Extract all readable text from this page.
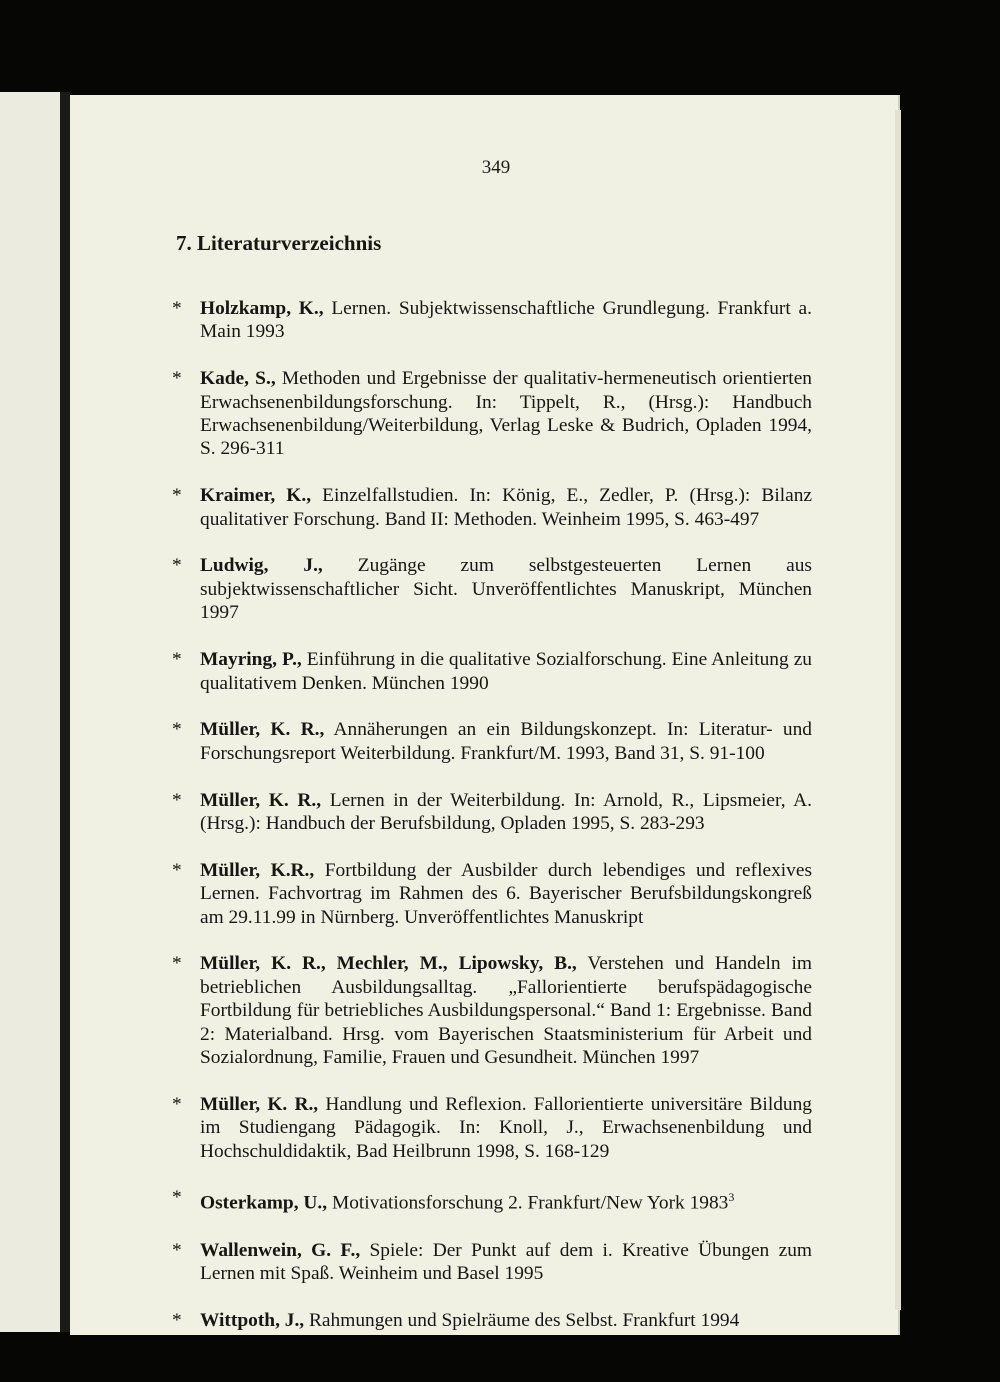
349
7. Literaturverzeichnis
* Holzkamp, K., Lernen. Subjektwissenschaftliche Grundlegung. Frankfurt a. Main 1993
* Kade, S., Methoden und Ergebnisse der qualitativ-hermeneutisch orientierten Erwachsenenbildungsforschung. In: Tippelt, R., (Hrsg.): Handbuch Erwachsenenbildung/Weiterbildung, Verlag Leske & Budrich, Opladen 1994, S. 296-311
* Kraimer, K., Einzelfallstudien. In: König, E., Zedler, P. (Hrsg.): Bilanz qualitativer Forschung. Band II: Methoden. Weinheim 1995, S. 463-497
* Ludwig, J., Zugänge zum selbstgesteuerten Lernen aus subjektwissenschaftlicher Sicht. Unveröffentlichtes Manuskript, München 1997
* Mayring, P., Einführung in die qualitative Sozialforschung. Eine Anleitung zu qualitativem Denken. München 1990
* Müller, K. R., Annäherungen an ein Bildungskonzept. In: Literatur- und Forschungsreport Weiterbildung. Frankfurt/M. 1993, Band 31, S. 91-100
* Müller, K. R., Lernen in der Weiterbildung. In: Arnold, R., Lipsmeier, A. (Hrsg.): Handbuch der Berufsbildung, Opladen 1995, S. 283-293
* Müller, K.R., Fortbildung der Ausbilder durch lebendiges und reflexives Lernen. Fachvortrag im Rahmen des 6. Bayerischer Berufsbildungskongreß am 29.11.99 in Nürnberg. Unveröffentlichtes Manuskript
* Müller, K. R., Mechler, M., Lipowsky, B., Verstehen und Handeln im betrieblichen Ausbildungsalltag. „Fallorientierte berufspädagogische Fortbildung für betriebliches Ausbildungspersonal.“ Band 1: Ergebnisse. Band 2: Materialband. Hrsg. vom Bayerischen Staatsministerium für Arbeit und Sozialordnung, Familie, Frauen und Gesundheit. München 1997
* Müller, K. R., Handlung und Reflexion. Fallorientierte universitäre Bildung im Studiengang Pädagogik. In: Knoll, J., Erwachsenenbildung und Hochschuldidaktik, Bad Heilbrunn 1998, S. 168-129
* Osterkamp, U., Motivationsforschung 2. Frankfurt/New York 1983$^3$
* Wallenwein, G. F., Spiele: Der Punkt auf dem i. Kreative Übungen zum Lernen mit Spaß. Weinheim und Basel 1995
* Wittpoth, J., Rahmungen und Spielräume des Selbst. Frankfurt 1994
